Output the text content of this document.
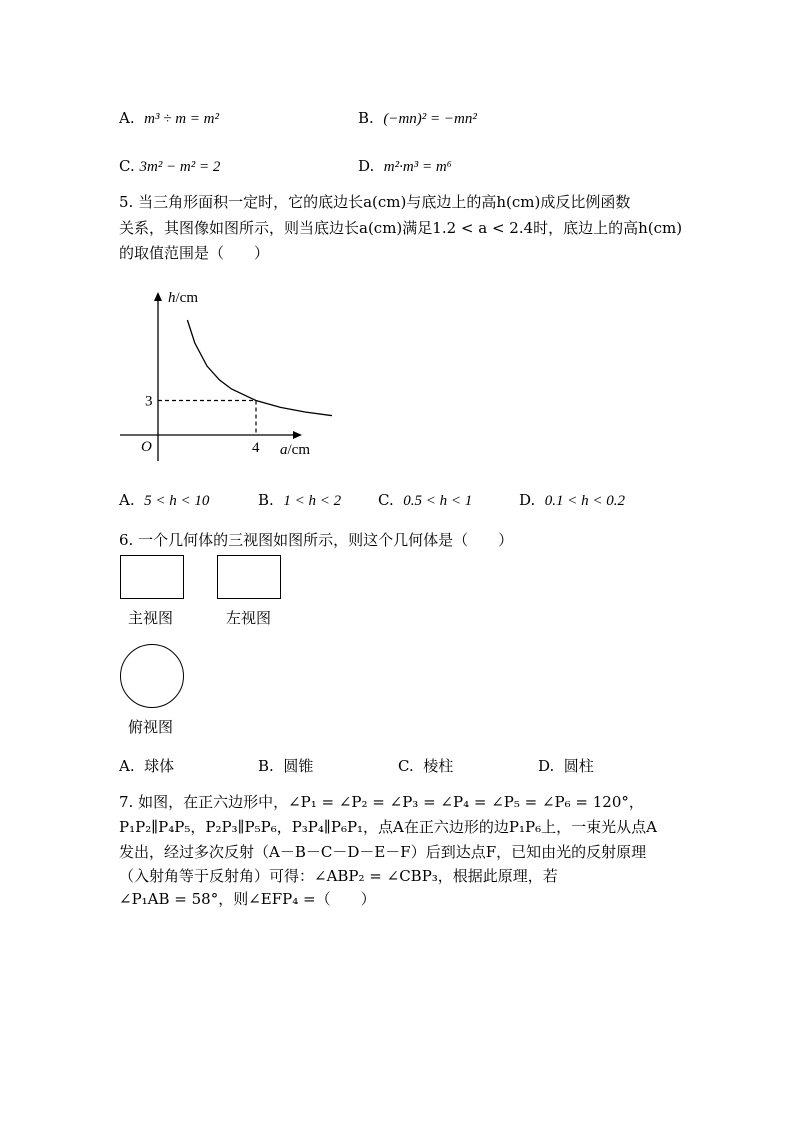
A.  m³ ÷ m = m²	B.  (−mn)² = −mn²
C. 3m² − m² = 2	D.  m²·m³ = m⁶
5. 当三角形面积一定时，它的底边长a(cm)与底边上的高h(cm)成反比例函数
关系，其图像如图所示，则当底边长a(cm)满足1.2 < a < 2.4时，底边上的高h(cm)
的取值范围是（　　）
h/cm
a/cm
O	4
3
A.  5 < h < 10	B.  1 < h < 2 C.  0.5 < h < 1	D.  0.1 < h < 0.2
6. 一个几何体的三视图如图所示，则这个几何体是（　　）
主视图	左视图
俯视图
A.  球体	B.  圆锥	C.  棱柱	D.  圆柱
7. 如图，在正六边形中，∠P₁ = ∠P₂ = ∠P₃ = ∠P₄ = ∠P₅ = ∠P₆ = 120°，
P₁P₂∥P₄P₅，P₂P₃∥P₅P₆，P₃P₄∥P₆P₁，点A在正六边形的边P₁P₆上，一束光从点A
发出，经过多次反射（A－B－C－D－E－F）后到达点F，已知由光的反射原理
（入射角等于反射角）可得：∠ABP₂ = ∠CBP₃，根据此原理，若
∠P₁AB = 58°，则∠EFP₄ =（　　）
